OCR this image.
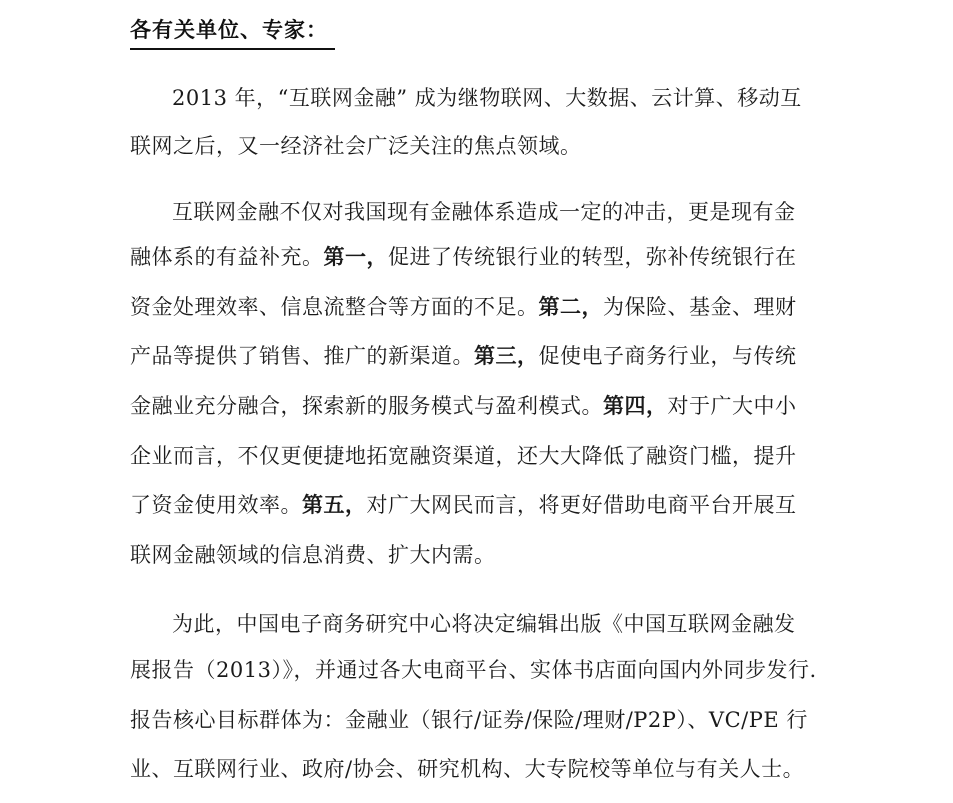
各有关单位、专家：
2013 年，“互联网金融” 成为继物联网、大数据、云计算、移动互
联网之后，又一经济社会广泛关注的焦点领域。
互联网金融不仅对我国现有金融体系造成一定的冲击，更是现有金
融体系的有益补充。第一，促进了传统银行业的转型，弥补传统银行在
资金处理效率、信息流整合等方面的不足。第二，为保险、基金、理财
产品等提供了销售、推广的新渠道。第三，促使电子商务行业，与传统
金融业充分融合，探索新的服务模式与盈利模式。第四，对于广大中小
企业而言，不仅更便捷地拓宽融资渠道，还大大降低了融资门槛，提升
了资金使用效率。第五，对广大网民而言，将更好借助电商平台开展互
联网金融领域的信息消费、扩大内需。
为此，中国电子商务研究中心将决定编辑出版《中国互联网金融发
展报告（2013）》，并通过各大电商平台、实体书店面向国内外同步发行.
报告核心目标群体为：金融业（银行/证券/保险/理财/P2P）、VC/PE 行
业、互联网行业、政府/协会、研究机构、大专院校等单位与有关人士。
